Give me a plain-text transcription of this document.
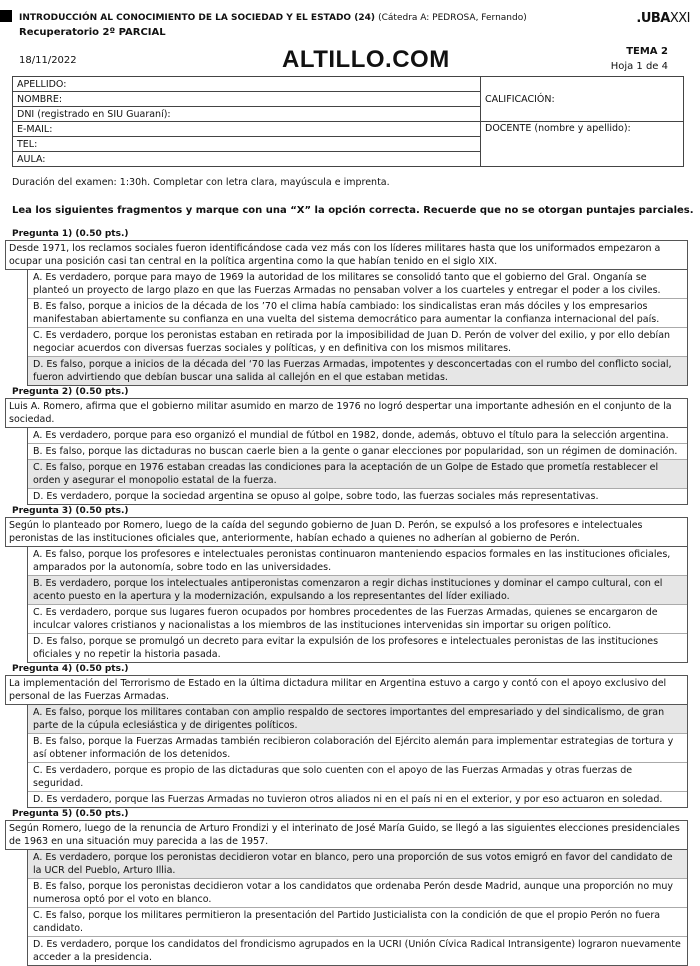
INTRODUCCIÓN AL CONOCIMIENTO DE LA SOCIEDAD Y EL ESTADO (24) (Cátedra A: PEDROSA, Fernando)
Recuperatorio 2º PARCIAL
.UBAXXI
18/11/2022	ALTILLO.COM	TEMA 2
Hoja 1 de 4
APELLIDO:	CALIFICACIÓN:
NOMBRE:	
DNI (registrado en SIU Guaraní):	
E-MAIL:	DOCENTE (nombre y apellido):
TEL:	
AULA:	
Duración del examen: 1:30h. Completar con letra clara, mayúscula e imprenta.
Lea los siguientes fragmentos y marque con una “X” la opción correcta. Recuerde que no se otorgan puntajes parciales.
Pregunta 1) (0.50 pts.)
Desde 1971, los reclamos sociales fueron identificándose cada vez más con los líderes militares hasta que los uniformados empezaron a ocupar una posición casi tan central en la política argentina como la que habían tenido en el siglo XIX.
A. Es verdadero, porque para mayo de 1969 la autoridad de los militares se consolidó tanto que el gobierno del Gral. Onganía se planteó un proyecto de largo plazo en que las Fuerzas Armadas no pensaban volver a los cuarteles y entregar el poder a los civiles.
B. Es falso, porque a inicios de la década de los ’70 el clima había cambiado: los sindicalistas eran más dóciles y los empresarios manifestaban abiertamente su confianza en una vuelta del sistema democrático para aumentar la confianza internacional del país.
C. Es verdadero, porque los peronistas estaban en retirada por la imposibilidad de Juan D. Perón de volver del exilio, y por ello debían negociar acuerdos con diversas fuerzas sociales y políticas, y en definitiva con los mismos militares.
D. Es falso, porque a inicios de la década del ‘70 las Fuerzas Armadas, impotentes y desconcertadas con el rumbo del conflicto social, fueron advirtiendo que debían buscar una salida al callejón en el que estaban metidas.
Pregunta 2) (0.50 pts.)
Luis A. Romero, afirma que el gobierno militar asumido en marzo de 1976 no logró despertar una importante adhesión en el conjunto de la sociedad.
A. Es verdadero, porque para eso organizó el mundial de fútbol en 1982, donde, además, obtuvo el título para la selección argentina.
B. Es falso, porque las dictaduras no buscan caerle bien a la gente o ganar elecciones por popularidad, son un régimen de dominación.
C. Es falso, porque en 1976 estaban creadas las condiciones para la aceptación de un Golpe de Estado que prometía restablecer el orden y asegurar el monopolio estatal de la fuerza.
D. Es verdadero, porque la sociedad argentina se opuso al golpe, sobre todo, las fuerzas sociales más representativas.
Pregunta 3) (0.50 pts.)
Según lo planteado por Romero, luego de la caída del segundo gobierno de Juan D. Perón, se expulsó a los profesores e intelectuales peronistas de las instituciones oficiales que, anteriormente, habían echado a quienes no adherían al gobierno de Perón.
A. Es falso, porque los profesores e intelectuales peronistas continuaron manteniendo espacios formales en las instituciones oficiales, amparados por la autonomía, sobre todo en las universidades.
B. Es verdadero, porque los intelectuales antiperonistas comenzaron a regir dichas instituciones y dominar el campo cultural, con el acento puesto en la apertura y la modernización, expulsando a los representantes del líder exiliado.
C. Es verdadero, porque sus lugares fueron ocupados por hombres procedentes de las Fuerzas Armadas, quienes se encargaron de inculcar valores cristianos y nacionalistas a los miembros de las instituciones intervenidas sin importar su origen político.
D. Es falso, porque se promulgó un decreto para evitar la expulsión de los profesores e intelectuales peronistas de las instituciones oficiales y no repetir la historia pasada.
Pregunta 4) (0.50 pts.)
La implementación del Terrorismo de Estado en la última dictadura militar en Argentina estuvo a cargo y contó con el apoyo exclusivo del personal de las Fuerzas Armadas.
A. Es falso, porque los militares contaban con amplio respaldo de sectores importantes del empresariado y del sindicalismo, de gran parte de la cúpula eclesiástica y de dirigentes políticos.
B. Es falso, porque la Fuerzas Armadas también recibieron colaboración del Ejército alemán para implementar estrategias de tortura y así obtener información de los detenidos.
C. Es verdadero, porque es propio de las dictaduras que solo cuenten con el apoyo de las Fuerzas Armadas y otras fuerzas de seguridad.
D. Es verdadero, porque las Fuerzas Armadas no tuvieron otros aliados ni en el país ni en el exterior, y por eso actuaron en soledad.
Pregunta 5) (0.50 pts.)
Según Romero, luego de la renuncia de Arturo Frondizi y el interinato de José María Guido, se llegó a las siguientes elecciones presidenciales de 1963 en una situación muy parecida a las de 1957.
A. Es verdadero, porque los peronistas decidieron votar en blanco, pero una proporción de sus votos emigró en favor del candidato de la UCR del Pueblo, Arturo Illia.
B. Es falso, porque los peronistas decidieron votar a los candidatos que ordenaba Perón desde Madrid, aunque una proporción no muy numerosa optó por el voto en blanco.
C. Es falso, porque los militares permitieron la presentación del Partido Justicialista con la condición de que el propio Perón no fuera candidato.
D. Es verdadero, porque los candidatos del frondicismo agrupados en la UCRI (Unión Cívica Radical Intransigente) lograron nuevamente acceder a la presidencia.
